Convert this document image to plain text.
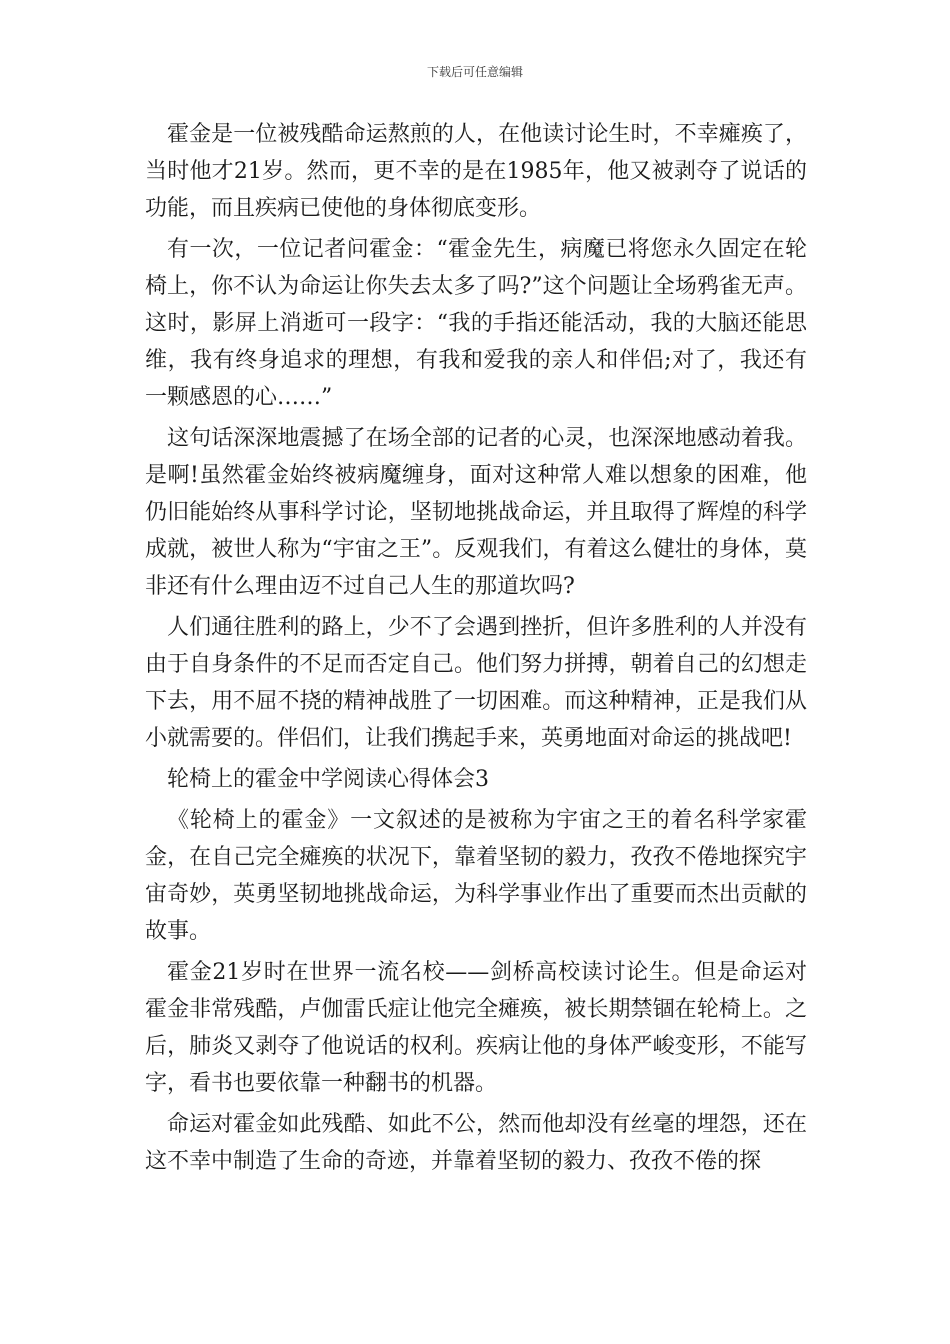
下载后可任意编辑

霍金是一位被残酷命运熬煎的人，在他读讨论生时，不幸瘫痪了，当时他才21岁。然而，更不幸的是在1985年，他又被剥夺了说话的功能，而且疾病已使他的身体彻底变形。

有一次，一位记者问霍金：“霍金先生，病魔已将您永久固定在轮椅上，你不认为命运让你失去太多了吗?”这个问题让全场鸦雀无声。这时，影屏上消逝可一段字：“我的手指还能活动，我的大脑还能思维，我有终身追求的理想，有我和爱我的亲人和伴侣;对了，我还有一颗感恩的心……”

这句话深深地震撼了在场全部的记者的心灵，也深深地感动着我。是啊!虽然霍金始终被病魔缠身，面对这种常人难以想象的困难，他仍旧能始终从事科学讨论，坚韧地挑战命运，并且取得了辉煌的科学成就，被世人称为“宇宙之王”。反观我们，有着这么健壮的身体，莫非还有什么理由迈不过自己人生的那道坎吗?

人们通往胜利的路上，少不了会遇到挫折，但许多胜利的人并没有由于自身条件的不足而否定自己。他们努力拼搏，朝着自己的幻想走下去，用不屈不挠的精神战胜了一切困难。而这种精神，正是我们从小就需要的。伴侣们，让我们携起手来，英勇地面对命运的挑战吧!

轮椅上的霍金中学阅读心得体会3

《轮椅上的霍金》一文叙述的是被称为宇宙之王的着名科学家霍金，在自己完全瘫痪的状况下，靠着坚韧的毅力，孜孜不倦地探究宇宙奇妙，英勇坚韧地挑战命运，为科学事业作出了重要而杰出贡献的故事。

霍金21岁时在世界一流名校——剑桥高校读讨论生。但是命运对霍金非常残酷，卢伽雷氏症让他完全瘫痪，被长期禁锢在轮椅上。之后，肺炎又剥夺了他说话的权利。疾病让他的身体严峻变形，不能写字，看书也要依靠一种翻书的机器。

命运对霍金如此残酷、如此不公，然而他却没有丝毫的埋怨，还在这不幸中制造了生命的奇迹，并靠着坚韧的毅力、孜孜不倦的探
